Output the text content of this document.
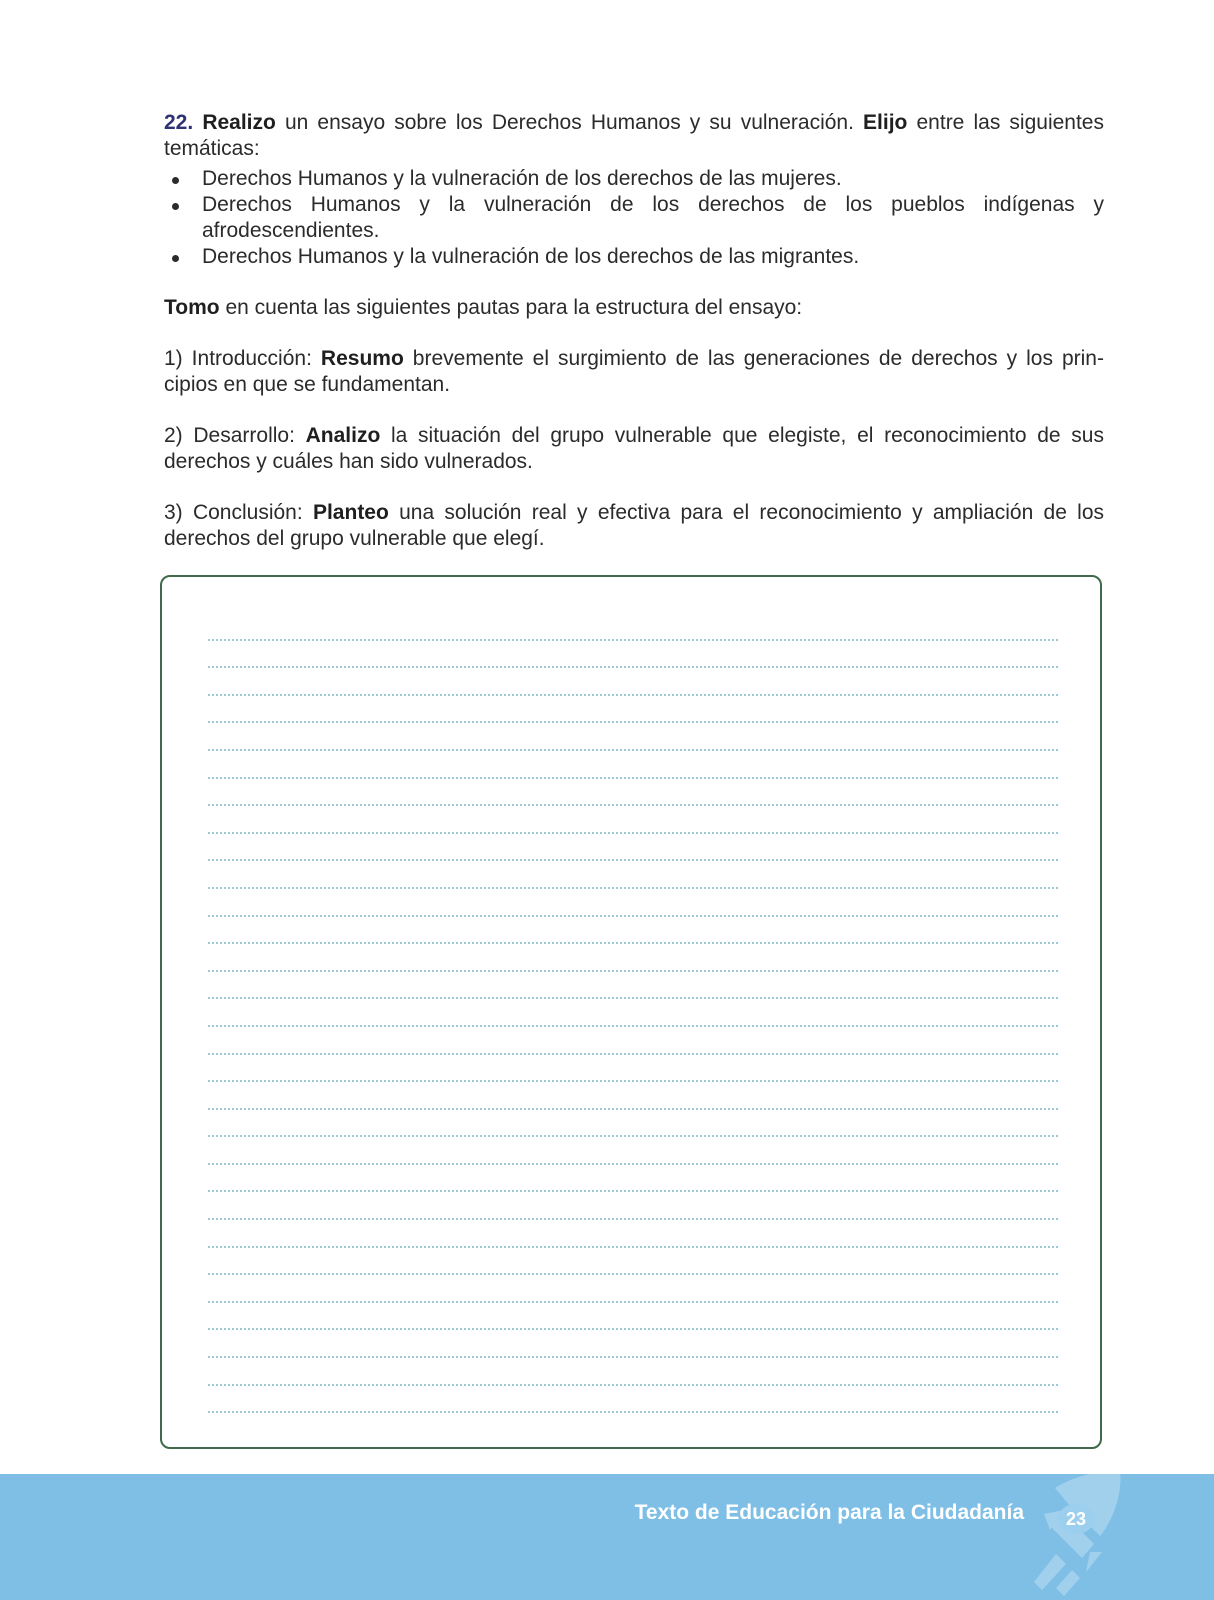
22. Realizo un ensayo sobre los Derechos Humanos y su vulneración. Elijo entre las siguientes temáticas:

Derechos Humanos y la vulneración de los derechos de las mujeres.
Derechos Humanos y la vulneración de los derechos de los pueblos indígenas y afrodescendientes.
Derechos Humanos y la vulneración de los derechos de las migrantes.

Tomo en cuenta las siguientes pautas para la estructura del ensayo:

1) Introducción: Resumo brevemente el surgimiento de las generaciones de derechos y los principios en que se fundamentan.

2) Desarrollo: Analizo la situación del grupo vulnerable que elegiste, el reconocimiento de sus derechos y cuáles han sido vulnerados.

3) Conclusión: Planteo una solución real y efectiva para el reconocimiento y ampliación de los derechos del grupo vulnerable que elegí.

Texto de Educación para la Ciudadanía	23
